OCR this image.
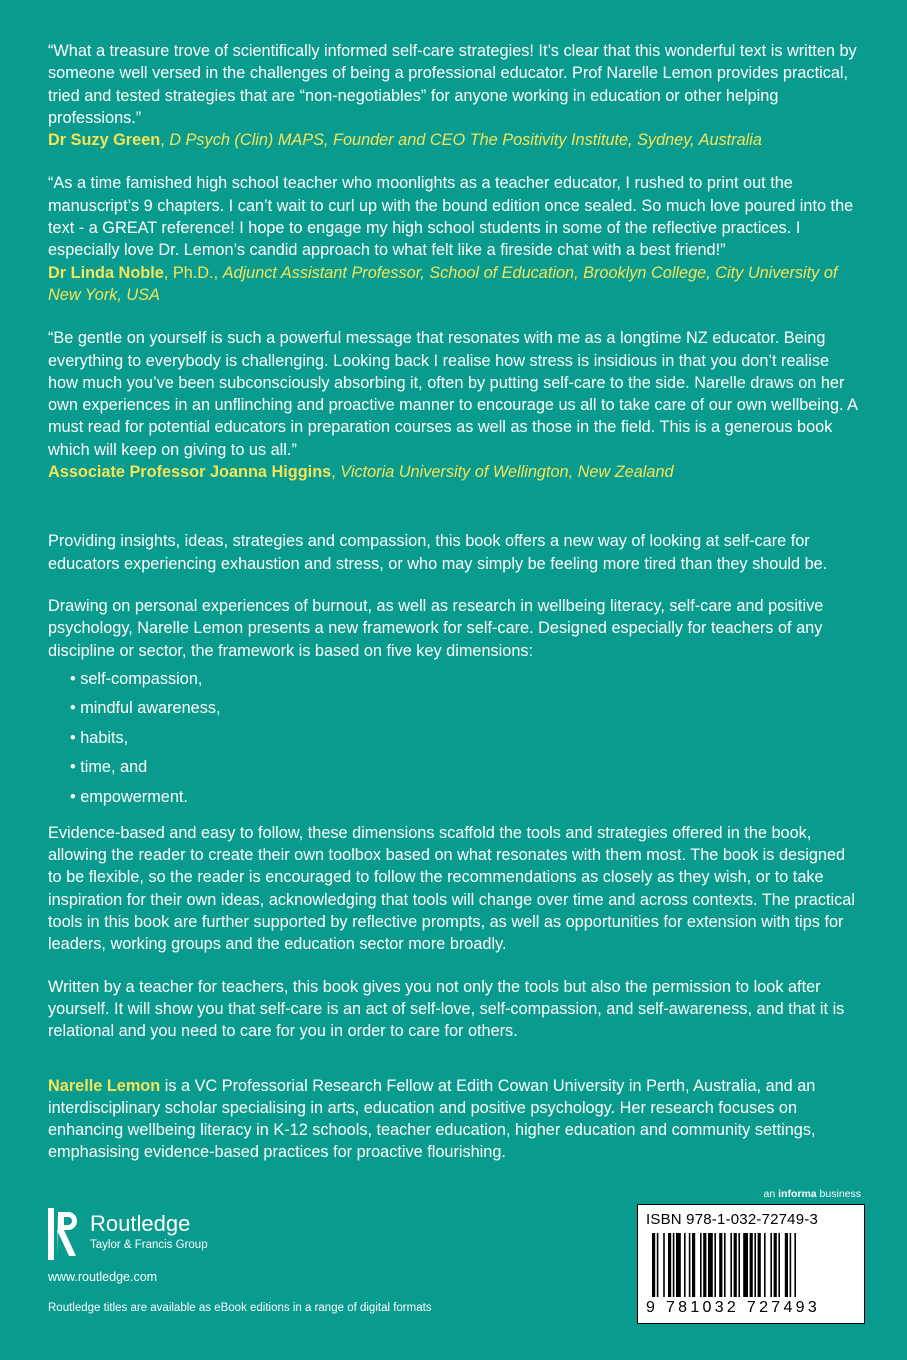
“What a treasure trove of scientifically informed self-care strategies! It’s clear that this wonderful text is written by someone well versed in the challenges of being a professional educator. Prof Narelle Lemon provides practical, tried and tested strategies that are “non-negotiables” for anyone working in education or other helping professions.”

Dr Suzy Green, D Psych (Clin) MAPS, Founder and CEO The Positivity Institute, Sydney, Australia

“As a time famished high school teacher who moonlights as a teacher educator, I rushed to print out the manuscript’s 9 chapters. I can’t wait to curl up with the bound edition once sealed. So much love poured into the text - a GREAT reference! I hope to engage my high school students in some of the reflective practices. I especially love Dr. Lemon’s candid approach to what felt like a fireside chat with a best friend!”

Dr Linda Noble, Ph.D., Adjunct Assistant Professor, School of Education, Brooklyn College, City University of New York, USA

“Be gentle on yourself is such a powerful message that resonates with me as a longtime NZ educator. Being everything to everybody is challenging. Looking back I realise how stress is insidious in that you don’t realise how much you’ve been subconsciously absorbing it, often by putting self-care to the side. Narelle draws on her own experiences in an unflinching and proactive manner to encourage us all to take care of our own wellbeing. A must read for potential educators in preparation courses as well as those in the field. This is a generous book which will keep on giving to us all.”

Associate Professor Joanna Higgins, Victoria University of Wellington, New Zealand

Providing insights, ideas, strategies and compassion, this book offers a new way of looking at self-care for educators experiencing exhaustion and stress, or who may simply be feeling more tired than they should be.

Drawing on personal experiences of burnout, as well as research in wellbeing literacy, self-care and positive psychology, Narelle Lemon presents a new framework for self-care. Designed especially for teachers of any discipline or sector, the framework is based on five key dimensions:

• self-compassion,
• mindful awareness,
• habits,
• time, and
• empowerment.

Evidence-based and easy to follow, these dimensions scaffold the tools and strategies offered in the book, allowing the reader to create their own toolbox based on what resonates with them most. The book is designed to be flexible, so the reader is encouraged to follow the recommendations as closely as they wish, or to take inspiration for their own ideas, acknowledging that tools will change over time and across contexts. The practical tools in this book are further supported by reflective prompts, as well as opportunities for extension with tips for leaders, working groups and the education sector more broadly.

Written by a teacher for teachers, this book gives you not only the tools but also the permission to look after yourself. It will show you that self-care is an act of self-love, self-compassion, and self-awareness, and that it is relational and you need to care for you in order to care for others.

Narelle Lemon is a VC Professorial Research Fellow at Edith Cowan University in Perth, Australia, and an interdisciplinary scholar specialising in arts, education and positive psychology. Her research focuses on enhancing wellbeing literacy in K-12 schools, teacher education, higher education and community settings, emphasising evidence-based practices for proactive flourishing.

an informa business
Routledge
Taylor & Francis Group
www.routledge.com
Routledge titles are available as eBook editions in a range of digital formats
ISBN 978-1-032-72749-3
9 781032 727493
